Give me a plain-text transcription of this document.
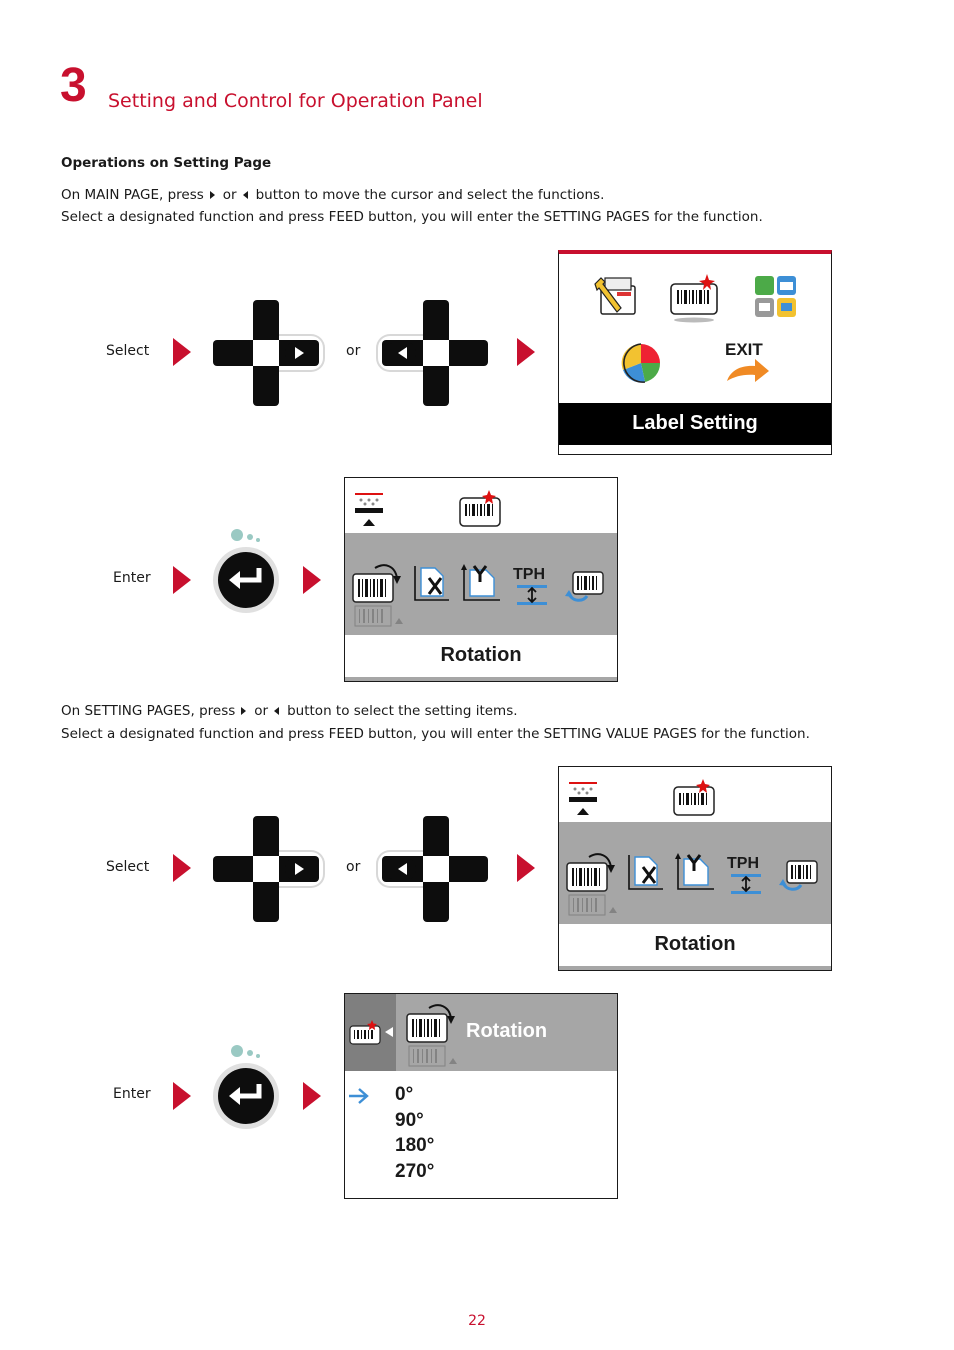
3 Setting and Control for Operation Panel
Operations on Setting Page
On MAIN PAGE, press or button to move the cursor and select the functions.
Select a designated function and press FEED button, you will enter the SETTING PAGES for the function.
Select	or	EXIT
Label Setting
Enter	TPH
Rotation
On SETTING PAGES, press or button to select the setting items.
Select a designated function and press FEED button, you will enter the SETTING VALUE PAGES for the function.
Select	or	TPH
Rotation
Enter
Rotation
0°
90°
180°
270°
22
